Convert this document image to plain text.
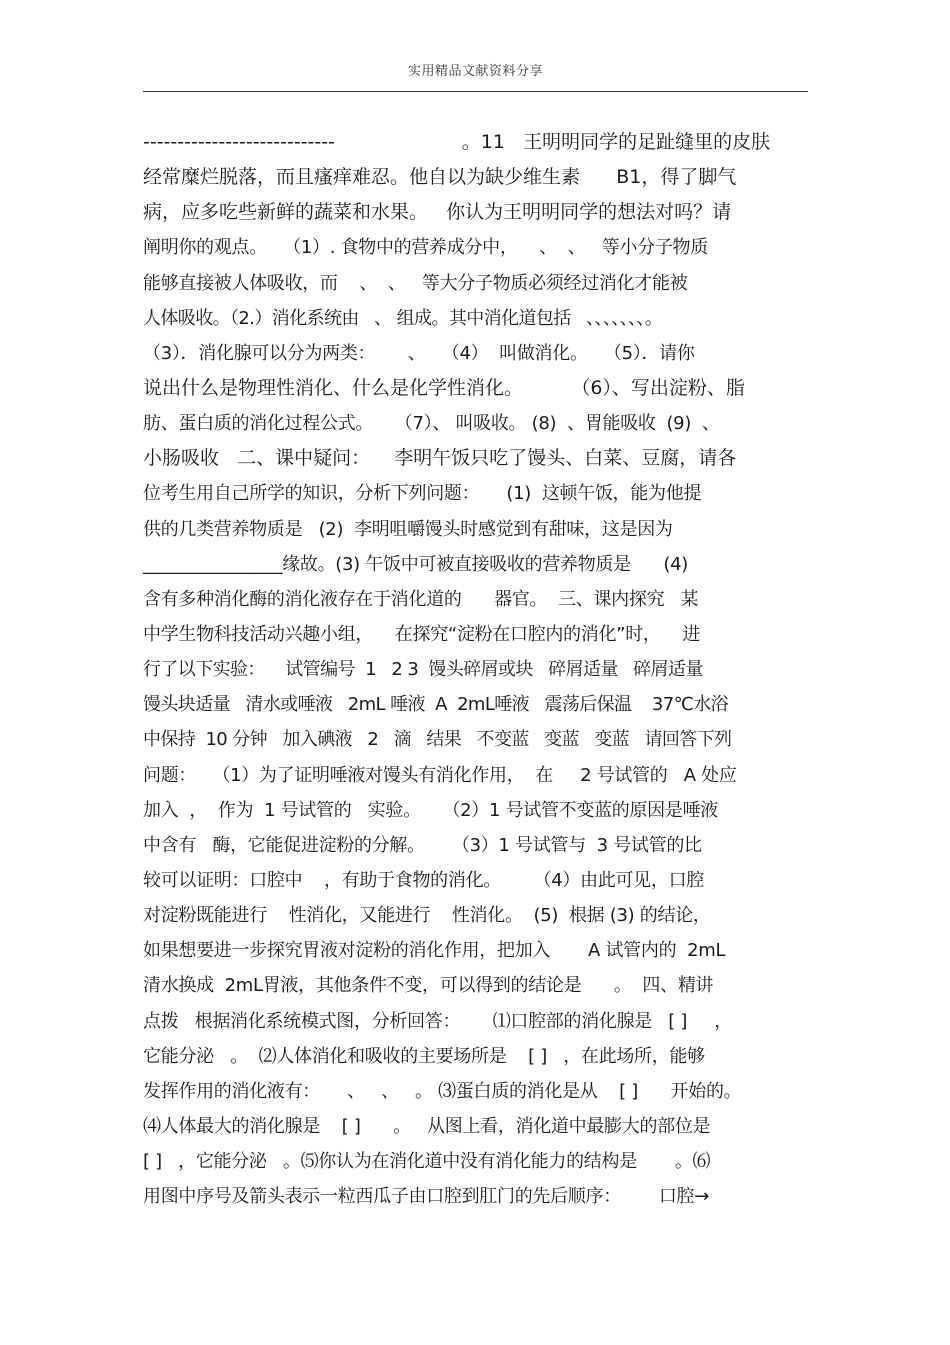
实用精品文献资料分享
----------------------------                     。11   王明明同学的足趾缝里的皮肤
经常糜烂脱落，而且瘙痒难忍。他自以为缺少维生素      B1，得了脚气
病，应多吃些新鲜的蔬菜和水果。   你认为王明明同学的想法对吗？请
阐明你的观点。   （1）. 食物中的营养成分中，    、  、   等小分子物质
能够直接被人体吸收，而    、  、   等大分子物质必须经过消化才能被
人体吸收。（2.）消化系统由   、 组成。其中消化道包括   、、、、、、、。
（3）．消化腺可以分为两类：      、   （4）  叫做消化。   （5）．请你
说出什么是物理性消化、什么是化学性消化。        （6）、写出淀粉、脂
肪、蛋白质的消化过程公式。    （7）、 叫吸收。 (8)  、胃能吸收  (9)  、
小肠吸收   二、课中疑问：    李明午饭只吃了馒头、白菜、豆腐，请各
位考生用自己所学的知识，分析下列问题：     (1)  这顿午饭，能为他提
供的几类营养物质是   (2)  李明咀嚼馒头时感觉到有甜味，这是因为
________________缘故。(3) 午饭中可被直接吸收的营养物质是      (4)
含有多种消化酶的消化液存在于消化道的      器官。  三、课内探究   某
中学生物科技活动兴趣小组，    在探究“淀粉在口腔内的消化”时，    进
行了以下实验：    试管编号  1   2 3  馒头碎屑或块   碎屑适量   碎屑适量
馒头块适量   清水或唾液   2mL 唾液  A  2mL唾液   震荡后保温    37℃水浴
中保持  10 分钟   加入碘液   2   滴   结果   不变蓝   变蓝   变蓝   请回答下列
问题：   （1）为了证明唾液对馒头有消化作用，  在     2 号试管的   A 处应
加入  ，  作为  1 号试管的   实验。    （2）1 号试管不变蓝的原因是唾液
中含有   酶，它能促进淀粉的分解。     （3）1 号试管与  3 号试管的比
较可以证明：口腔中    ，有助于食物的消化。      （4）由此可见，口腔
对淀粉既能进行    性消化，又能进行    性消化。  (5)  根据 (3) 的结论，
如果想要进一步探究胃液对淀粉的消化作用，把加入       A 试管内的  2mL
清水换成  2mL胃液，其他条件不变，可以得到的结论是      。  四、精讲
点拨   根据消化系统模式图，分析回答：      ⑴口腔部的消化腺是   [ ]     ，
它能分泌   。  ⑵人体消化和吸收的主要场所是    [ ]   ，在此场所，能够
发挥作用的消化液有：     、   、   。 ⑶蛋白质的消化是从    [ ]      开始的。
⑷人体最大的消化腺是    [ ]      。   从图上看，消化道中最膨大的部位是
[ ]   ，它能分泌   。⑸你认为在消化道中没有消化能力的结构是       。⑹
用图中序号及箭头表示一粒西瓜子由口腔到肛门的先后顺序：       口腔→
